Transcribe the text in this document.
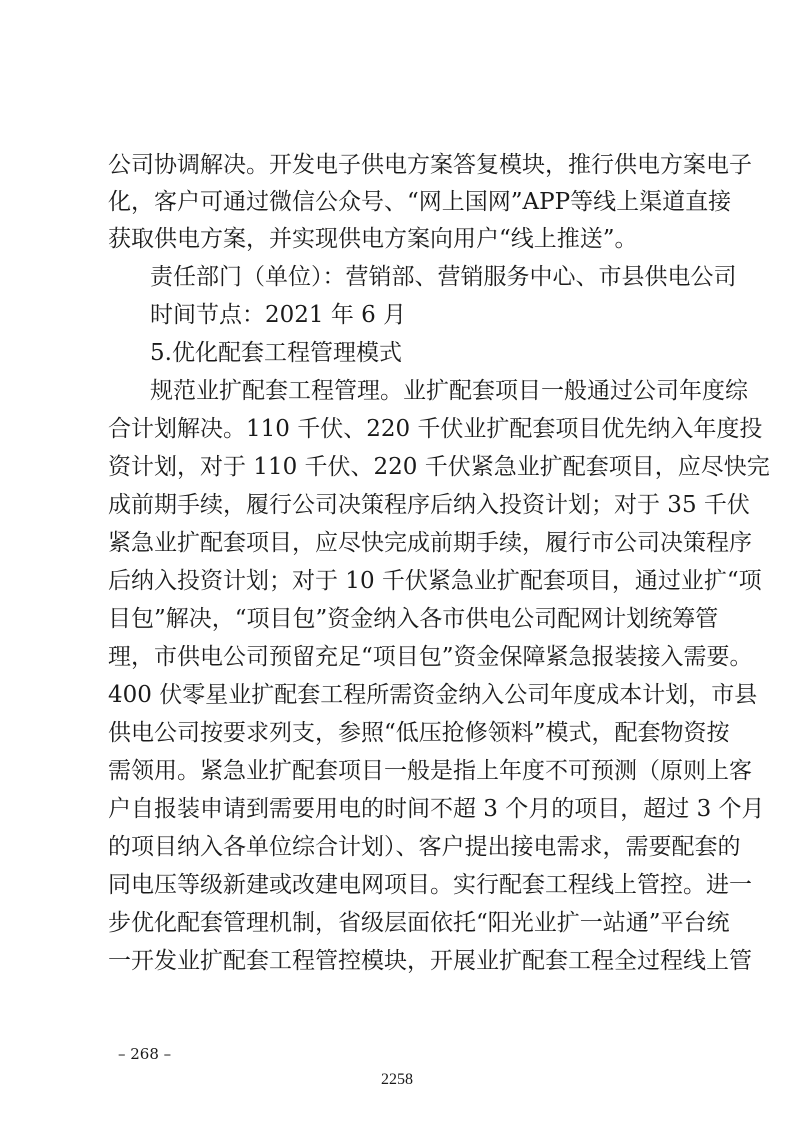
公司协调解决。开发电子供电方案答复模块，推行供电方案电子
化，客户可通过微信公众号、“网上国网”APP等线上渠道直接
获取供电方案，并实现供电方案向用户“线上推送”。
责任部门（单位）：营销部、营销服务中心、市县供电公司
时间节点：2021 年 6 月
5.优化配套工程管理模式
规范业扩配套工程管理。业扩配套项目一般通过公司年度综
合计划解决。110 千伏、220 千伏业扩配套项目优先纳入年度投
资计划，对于 110 千伏、220 千伏紧急业扩配套项目，应尽快完
成前期手续，履行公司决策程序后纳入投资计划；对于 35 千伏
紧急业扩配套项目，应尽快完成前期手续，履行市公司决策程序
后纳入投资计划；对于 10 千伏紧急业扩配套项目，通过业扩“项
目包”解决，“项目包”资金纳入各市供电公司配网计划统筹管
理，市供电公司预留充足“项目包”资金保障紧急报装接入需要。
400 伏零星业扩配套工程所需资金纳入公司年度成本计划，市县
供电公司按要求列支，参照“低压抢修领料”模式，配套物资按
需领用。紧急业扩配套项目一般是指上年度不可预测（原则上客
户自报装申请到需要用电的时间不超 3 个月的项目，超过 3 个月
的项目纳入各单位综合计划）、客户提出接电需求，需要配套的
同电压等级新建或改建电网项目。实行配套工程线上管控。进一
步优化配套管理机制，省级层面依托“阳光业扩一站通”平台统
一开发业扩配套工程管控模块，开展业扩配套工程全过程线上管
– 268 –
2258
